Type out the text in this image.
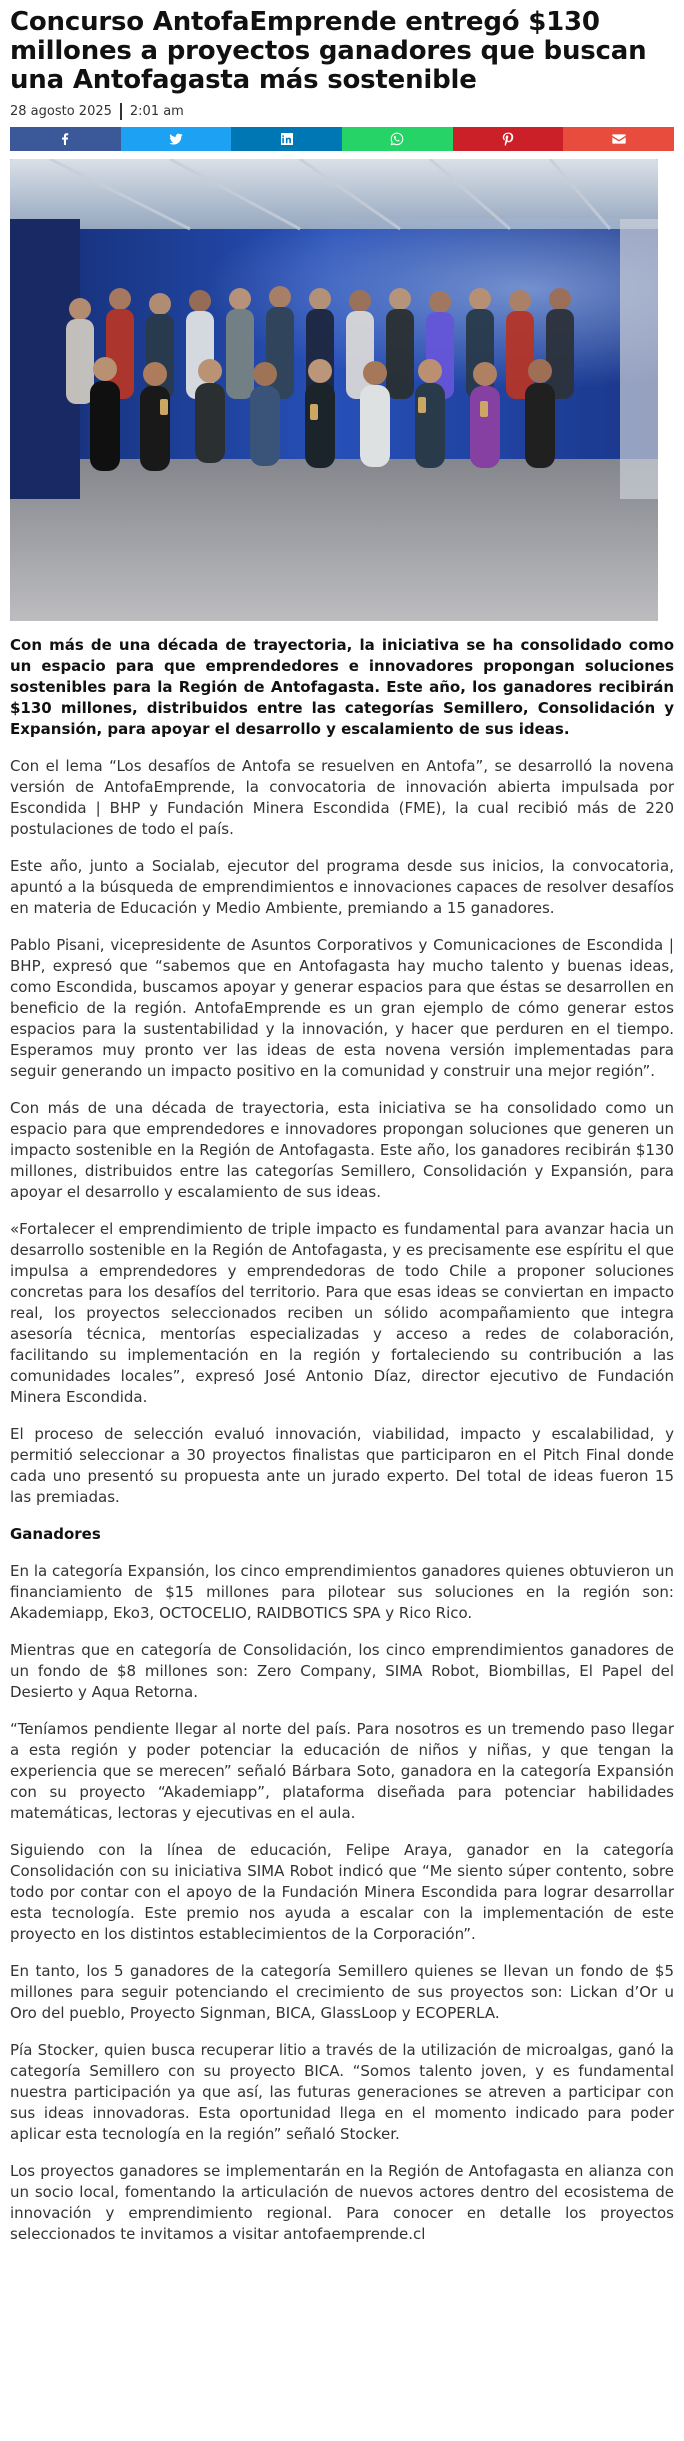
Concurso AntofaEmprende entregó $130 millones a proyectos ganadores que buscan una Antofagasta más sostenible
28 agosto 2025 2:01 am

Con más de una década de trayectoria, la iniciativa se ha consolidado como un espacio para que emprendedores e innovadores propongan soluciones sostenibles para la Región de Antofagasta. Este año, los ganadores recibirán $130 millones, distribuidos entre las categorías Semillero, Consolidación y Expansión, para apoyar el desarrollo y escalamiento de sus ideas.

Con el lema “Los desafíos de Antofa se resuelven en Antofa”, se desarrolló la novena versión de AntofaEmprende, la convocatoria de innovación abierta impulsada por Escondida | BHP y Fundación Minera Escondida (FME), la cual recibió más de 220 postulaciones de todo el país.

Este año, junto a Socialab, ejecutor del programa desde sus inicios, la convocatoria, apuntó a la búsqueda de emprendimientos e innovaciones capaces de resolver desafíos en materia de Educación y Medio Ambiente, premiando a 15 ganadores.

Pablo Pisani, vicepresidente de Asuntos Corporativos y Comunicaciones de Escondida | BHP, expresó que “sabemos que en Antofagasta hay mucho talento y buenas ideas, como Escondida, buscamos apoyar y generar espacios para que éstas se desarrollen en beneficio de la región. AntofaEmprende es un gran ejemplo de cómo generar estos espacios para la sustentabilidad y la innovación, y hacer que perduren en el tiempo. Esperamos muy pronto ver las ideas de esta novena versión implementadas para seguir generando un impacto positivo en la comunidad y construir una mejor región”.

Con más de una década de trayectoria, esta iniciativa se ha consolidado como un espacio para que emprendedores e innovadores propongan soluciones que generen un impacto sostenible en la Región de Antofagasta. Este año, los ganadores recibirán $130 millones, distribuidos entre las categorías Semillero, Consolidación y Expansión, para apoyar el desarrollo y escalamiento de sus ideas.

«Fortalecer el emprendimiento de triple impacto es fundamental para avanzar hacia un desarrollo sostenible en la Región de Antofagasta, y es precisamente ese espíritu el que impulsa a emprendedores y emprendedoras de todo Chile a proponer soluciones concretas para los desafíos del territorio. Para que esas ideas se conviertan en impacto real, los proyectos seleccionados reciben un sólido acompañamiento que integra asesoría técnica, mentorías especializadas y acceso a redes de colaboración, facilitando su implementación en la región y fortaleciendo su contribución a las comunidades locales”, expresó José Antonio Díaz, director ejecutivo de Fundación Minera Escondida.

El proceso de selección evaluó innovación, viabilidad, impacto y escalabilidad, y permitió seleccionar a 30 proyectos finalistas que participaron en el Pitch Final donde cada uno presentó su propuesta ante un jurado experto. Del total de ideas fueron 15 las premiadas.

Ganadores

En la categoría Expansión, los cinco emprendimientos ganadores quienes obtuvieron un financiamiento de $15 millones para pilotear sus soluciones en la región son: Akademiapp, Eko3, OCTOCELIO, RAIDBOTICS SPA y Rico Rico.

Mientras que en categoría de Consolidación, los cinco emprendimientos ganadores de un fondo de $8 millones son: Zero Company, SIMA Robot, Biombillas, El Papel del Desierto y Aqua Retorna.

“Teníamos pendiente llegar al norte del país. Para nosotros es un tremendo paso llegar a esta región y poder potenciar la educación de niños y niñas, y que tengan la experiencia que se merecen” señaló Bárbara Soto, ganadora en la categoría Expansión con su proyecto “Akademiapp”, plataforma diseñada para potenciar habilidades matemáticas, lectoras y ejecutivas en el aula.

Siguiendo con la línea de educación, Felipe Araya, ganador en la categoría Consolidación con su iniciativa SIMA Robot indicó que “Me siento súper contento, sobre todo por contar con el apoyo de la Fundación Minera Escondida para lograr desarrollar esta tecnología. Este premio nos ayuda a escalar con la implementación de este proyecto en los distintos establecimientos de la Corporación”.

En tanto, los 5 ganadores de la categoría Semillero quienes se llevan un fondo de $5 millones para seguir potenciando el crecimiento de sus proyectos son: Lickan d’Or u Oro del pueblo, Proyecto Signman, BICA, GlassLoop y ECOPERLA.

Pía Stocker, quien busca recuperar litio a través de la utilización de microalgas, ganó la categoría Semillero con su proyecto BICA. “Somos talento joven, y es fundamental nuestra participación ya que así, las futuras generaciones se atreven a participar con sus ideas innovadoras. Esta oportunidad llega en el momento indicado para poder aplicar esta tecnología en la región” señaló Stocker.

Los proyectos ganadores se implementarán en la Región de Antofagasta en alianza con un socio local, fomentando la articulación de nuevos actores dentro del ecosistema de innovación y emprendimiento regional. Para conocer en detalle los proyectos seleccionados te invitamos a visitar antofaemprende.cl
